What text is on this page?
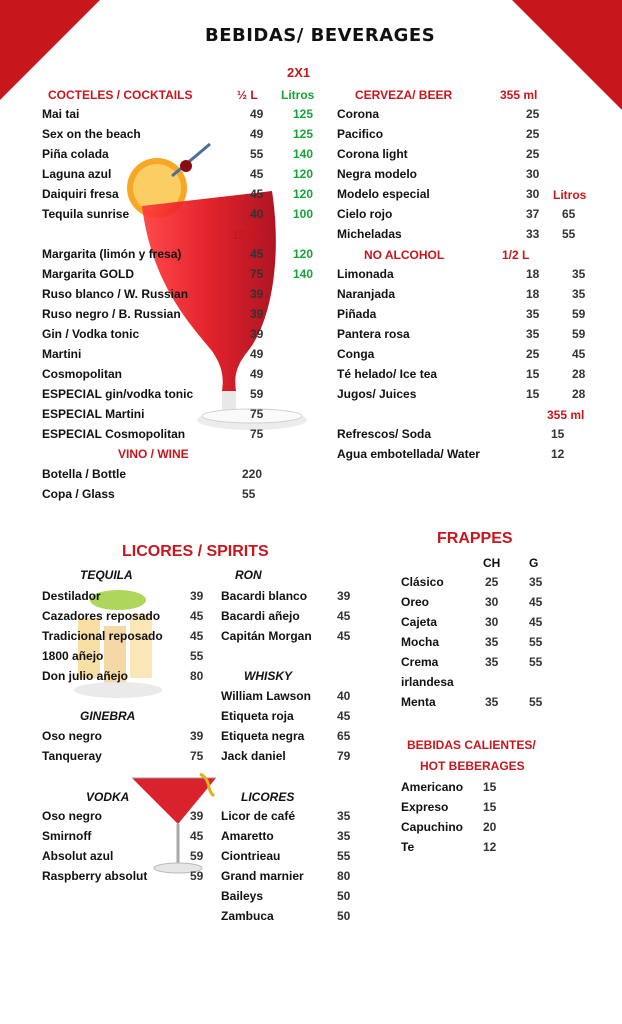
BEBIDAS/ BEVERAGES
2X1
COCTELES / COCKTAILS	½ L Litros
Mai tai	49 125
Sex on the beach	49 125
Piña colada	55 140
Laguna azul	45 120
Daiquiri fresa	45 120
Tequila sunrise	40 100
12 oz
Margarita (limón y fresa)	45 120
Margarita GOLD	75 140
Ruso blanco / W. Russian	39
Ruso negro / B. Russian	39
Gin / Vodka tonic	39
Martini	49
Cosmopolitan	49
ESPECIAL gin/vodka tonic	59
ESPECIAL Martini	75
ESPECIAL Cosmopolitan	75
VINO / WINE
Botella / Bottle	220
Copa / Glass	55
CERVEZA/ BEER	355 ml
Litros
Corona	25
Pacifico	25
Corona light	25
Negra modelo	30
Modelo especial	30
Cielo rojo	37 65
Micheladas	33 55
NO ALCOHOL	1/2 L
Limonada	18	35
Naranjada	18	35
Piñada	35	59
Pantera rosa	35	59
Conga	25	45
Té helado/ Ice tea	15	28
Jugos/ Juices	15	28
355 ml
Refrescos/ Soda	15
Agua embotellada/ Water	12
LICORES / SPIRITS
TEQUILA
Destilador	39
Cazadores reposado 45
Tradicional reposado 45
1800 añejo	55
Don julio añejo	80
GINEBRA
Oso negro	39
Tanqueray	75
VODKA
Oso negro	39
Smirnoff	45
Absolut azul	59
Raspberry absolut	59
RON
Bacardi blanco 39
Bacardi añejo	45
Capitán Morgan 45
WHISKY
William Lawson 40
Etiqueta roja	45
Etiqueta negra	65
Jack daniel	79
LICORES
Licor de café	35
Amaretto	35
Ciontrieau	55
Grand marnier	80
Baileys	50
Zambuca	50
FRAPPES
CH G
Clásico	25	35
Oreo	30	45
Cajeta	30	45
Mocha	35	55
Crema	35	55
irlandesa
Menta	35	55
BEBIDAS CALIENTES/
HOT BEBERAGES
Americano 15
Expreso	15
Capuchino 20
Te	12
